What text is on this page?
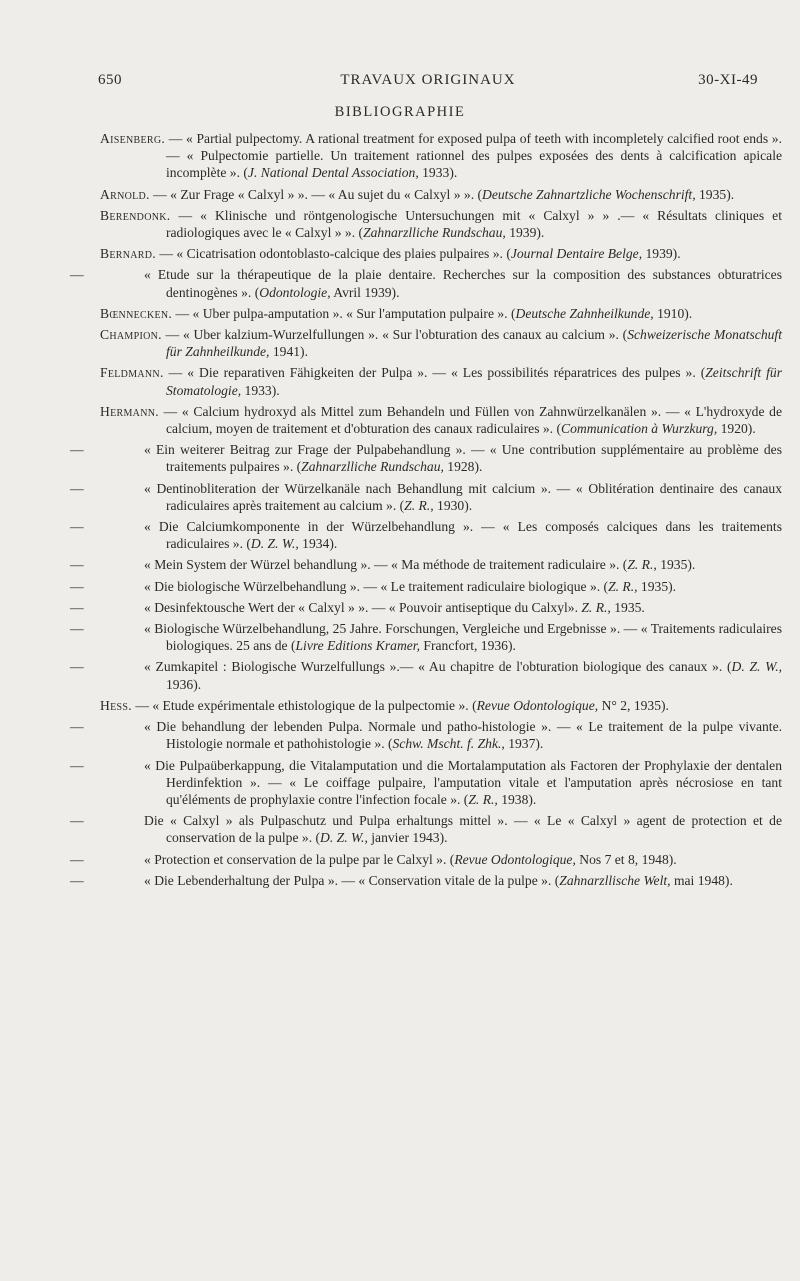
650	TRAVAUX ORIGINAUX	30-XI-49
BIBLIOGRAPHIE

Aisenberg. — « Partial pulpectomy. A rational treatment for exposed pulpa of teeth with incompletely calcified root ends ». — « Pulpectomie partielle. Un traitement rationnel des pulpes exposées des dents à calcification apicale incomplète ». (J. National Dental Association, 1933).

Arnold. — « Zur Frage « Calxyl » ». — « Au sujet du « Calxyl » ». (Deutsche Zahnartzliche Wochenschrift, 1935).

Berendonk. — « Klinische und röntgenologische Untersuchungen mit « Calxyl » » .— « Résultats cliniques et radiologiques avec le « Calxyl » ». (Zahnarzlliche Rundschau, 1939).

Bernard. — « Cicatrisation odontoblasto-calcique des plaies pulpaires ». (Journal Dentaire Belge, 1939).

—	« Etude sur la thérapeutique de la plaie dentaire. Recherches sur la composition des substances obturatrices dentinogènes ». (Odontologie, Avril 1939).

Bœnnecken. — « Uber pulpa-amputation ». « Sur l'amputation pulpaire ». (Deutsche Zahnheilkunde, 1910).

Champion. — « Uber kalzium-Wurzelfullungen ». « Sur l'obturation des canaux au calcium ». (Schweizerische Monatschuft für Zahnheilkunde, 1941).

Feldmann. — « Die reparativen Fähigkeiten der Pulpa ». — « Les possibilités réparatrices des pulpes ». (Zeitschrift für Stomatologie, 1933).

Hermann. — « Calcium hydroxyd als Mittel zum Behandeln und Füllen von Zahnwürzelkanälen ». — « L'hydroxyde de calcium, moyen de traitement et d'obturation des canaux radiculaires ». (Communication à Wurzkurg, 1920).

—	« Ein weiterer Beitrag zur Frage der Pulpabehandlung ». — « Une contribution supplémentaire au problème des traitements pulpaires ». (Zahnarzlliche Rundschau, 1928).

—	« Dentinobliteration der Würzelkanäle nach Behandlung mit calcium ». — « Oblitération dentinaire des canaux radiculaires après traitement au calcium ». (Z. R., 1930).

—	« Die Calciumkomponente in der Würzelbehandlung ». — « Les composés calciques dans les traitements radiculaires ». (D. Z. W., 1934).

—	« Mein System der Würzel behandlung ». — « Ma méthode de traitement radiculaire ». (Z. R., 1935).

—	« Die biologische Würzelbehandlung ». — « Le traitement radiculaire biologique ». (Z. R., 1935).

—	« Desinfektousche Wert der « Calxyl » ». — « Pouvoir antiseptique du Calxyl». Z. R., 1935.

—	« Biologische Würzelbehandlung, 25 Jahre. Forschungen, Vergleiche und Ergebnisse ». — « Traitements radiculaires biologiques. 25 ans de (Livre Editions Kramer, Francfort, 1936).

—	« Zumkapitel : Biologische Wurzelfullungs ».— « Au chapitre de l'obturation biologique des canaux ». (D. Z. W., 1936).

Hess. — « Etude expérimentale ethistologique de la pulpectomie ». (Revue Odontologique, N° 2, 1935).

—	« Die behandlung der lebenden Pulpa. Normale und patho-histologie ». — « Le traitement de la pulpe vivante. Histologie normale et pathohistologie ». (Schw. Mscht. f. Zhk., 1937).

—	« Die Pulpaüberkappung, die Vitalamputation und die Mortalamputation als Factoren der Prophylaxie der dentalen Herdinfektion ». — « Le coiffage pulpaire, l'amputation vitale et l'amputation après nécrosiose en tant qu'éléments de prophylaxie contre l'infection focale ». (Z. R., 1938).

—	Die « Calxyl » als Pulpaschutz und Pulpa erhaltungs mittel ». — « Le « Calxyl » agent de protection et de conservation de la pulpe ». (D. Z. W., janvier 1943).

—	« Protection et conservation de la pulpe par le Calxyl ». (Revue Odontologique, Nos 7 et 8, 1948).

—	« Die Lebenderhaltung der Pulpa ». — « Conservation vitale de la pulpe ». (Zahnarzllische Welt, mai 1948).
